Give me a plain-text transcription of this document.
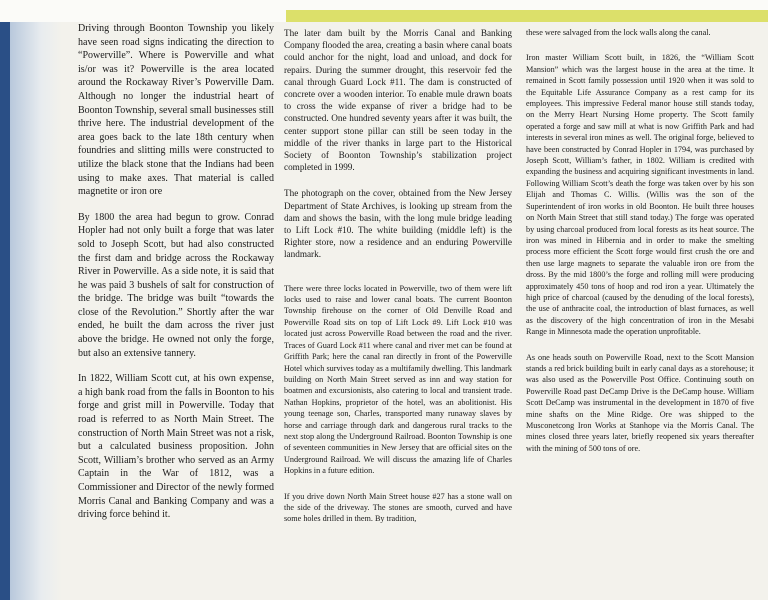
Driving through Boonton Township you likely have seen road signs indicating the direction to “Powerville”. Where is Powerville and what is/or was it? Powerville is the area located around the Rockaway River’s Powerville Dam. Although no longer the industrial heart of Boonton Township, several small businesses still thrive here. The industrial development of the area goes back to the late 18th century when foundries and slitting mills were constructed to utilize the black stone that the Indians had been using to make axes. That material is called magnetite or iron ore

By 1800 the area had begun to grow. Conrad Hopler had not only built a forge that was later sold to Joseph Scott, but had also constructed the first dam and bridge across the Rockaway River in Powerville. As a side note, it is said that he was paid 3 bushels of salt for construction of the bridge. The bridge was built “towards the close of the Revolution.” Shortly after the war ended, he built the dam across the river just above the bridge. He owned not only the forge, but also an extensive tannery.

In 1822, William Scott cut, at his own expense, a high bank road from the falls in Boonton to his forge and grist mill in Powerville. Today that road is referred to as North Main Street. The construction of North Main Street was not a risk, but a calculated business proposition. John Scott, William’s brother who served as an Army Captain in the War of 1812, was a Commissioner and Director of the newly formed Morris Canal and Banking Company and was a driving force behind it.

The later dam built by the Morris Canal and Banking Company flooded the area, creating a basin where canal boats could anchor for the night, load and unload, and dock for repairs. During the summer drought, this reservoir fed the canal through Guard Lock #11. The dam is constructed of concrete over a wooden interior. To enable mule drawn boats to cross the wide expanse of river a bridge had to be constructed. One hundred seventy years after it was built, the center support stone pillar can still be seen today in the middle of the river thanks in large part to the Historical Society of Boonton Township’s stabilization project completed in 1999.

The photograph on the cover, obtained from the New Jersey Department of State Archives, is looking up stream from the dam and shows the basin, with the long mule bridge leading to Lift Lock #10. The white building (middle left) is the Righter store, now a residence and an enduring Powerville landmark.

There were three locks located in Powerville, two of them were lift locks used to raise and lower canal boats. The current Boonton Township firehouse on the corner of Old Denville Road and Powerville Road sits on top of Lift Lock #9. Lift Lock #10 was located just across Powerville Road between the road and the river. Traces of Guard Lock #11 where canal and river met can be found at Griffith Park; here the canal ran directly in front of the Powerville Hotel which survives today as a multifamily dwelling. This landmark building on North Main Street served as inn and way station for boatmen and excursionists, also catering to local and transient trade. Nathan Hopkins, proprietor of the hotel, was an abolitionist. His young teenage son, Charles, transported many runaway slaves by horse and carriage through dark and dangerous rural tracks to the next stop along the Underground Railroad. Boonton Township is one of seventeen communities in New Jersey that are official sites on the Underground Railroad. We will discuss the amazing life of Charles Hopkins in a future edition.

If you drive down North Main Street house #27 has a stone wall on the side of the driveway. The stones are smooth, curved and have some holes drilled in them. By tradition,

these were salvaged from the lock walls along the canal.

Iron master William Scott built, in 1826, the “William Scott Mansion” which was the largest house in the area at the time. It remained in Scott family possession until 1920 when it was sold to the Equitable Life Assurance Company as a rest camp for its employees. This impressive Federal manor house still stands today, on the Merry Heart Nursing Home property. The Scott family operated a forge and saw mill at what is now Griffith Park and had interests in several iron mines as well. The original forge, believed to have been constructed by Conrad Hopler in 1794, was purchased by Joseph Scott, William’s father, in 1802. William is credited with expanding the business and acquiring significant investments in land. Following William Scott’s death the forge was taken over by his son Elijah and Thomas C. Willis. (Willis was the son of the Superintendent of iron works in old Boonton. He built three houses on North Main Street that still stand today.) The forge was operated by using charcoal produced from local forests as its heat source. The iron was mined in Hibernia and in order to make the smelting process more efficient the Scott forge would first crush the ore and then use large magnets to separate the valuable iron ore from the dross. By the mid 1800’s the forge and rolling mill were producing approximately 450 tons of hoop and rod iron a year. Ultimately the high price of charcoal (caused by the denuding of the local forests), the use of anthracite coal, the introduction of blast furnaces, as well as the discovery of the high concentration of iron in the Mesabi Range in Minnesota made the operation unprofitable.

As one heads south on Powerville Road, next to the Scott Mansion stands a red brick building built in early canal days as a storehouse; it was also used as the Powerville Post Office. Continuing south on Powerville Road past DeCamp Drive is the DeCamp house. William Scott DeCamp was instrumental in the development in 1870 of five mine shafts on the Mine Ridge. Ore was shipped to the Musconetcong Iron Works at Stanhope via the Morris Canal. The mines closed three years later, briefly reopened six years thereafter with the mining of 500 tons of ore.
